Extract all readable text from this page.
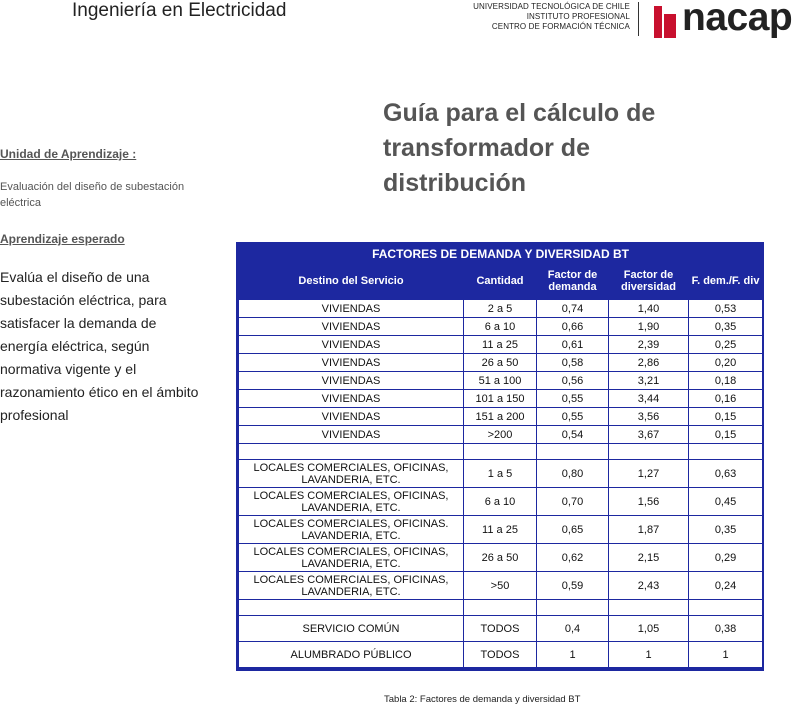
Ingeniería en Electricidad	UNIVERSIDAD TECNOLÓGICA DE CHILE
INSTITUTO PROFESIONAL
CENTRO DE FORMACIÓN TÉCNICA nacap
Guía para el cálculo de transformador de distribución
Unidad de Aprendizaje :
Evaluación del diseño de subestación eléctrica
Aprendizaje esperado
Evalúa el diseño de una subestación eléctrica, para satisfacer la demanda de energía eléctrica, según normativa vigente y el razonamiento ético en el ámbito profesional
FACTORES DE DEMANDA Y DIVERSIDAD BT				
Destino del Servicio	Cantidad	Factor de demanda	Factor de diversidad	F. dem./F. div
VIVIENDAS	2 a 5	0,74	1,40	0,53
VIVIENDAS	6 a 10	0,66	1,90	0,35
VIVIENDAS	11 a 25	0,61	2,39	0,25
VIVIENDAS	26 a 50	0,58	2,86	0,20
VIVIENDAS	51 a 100	0,56	3,21	0,18
VIVIENDAS	101 a 150	0,55	3,44	0,16
VIVIENDAS	151 a 200	0,55	3,56	0,15
VIVIENDAS	>200	0,54	3,67	0,15

LOCALES COMERCIALES, OFICINAS, LAVANDERIA, ETC.	1 a 5	0,80	1,27	0,63
LOCALES COMERCIALES, OFICINAS, LAVANDERIA, ETC.	6 a 10	0,70	1,56	0,45
LOCALES COMERCIALES, OFICINAS. LAVANDERIA, ETC.	11 a 25	0,65	1,87	0,35
LOCALES COMERCIALES, OFICINAS, LAVANDERIA, ETC.	26 a 50	0,62	2,15	0,29
LOCALES COMERCIALES, OFICINAS, LAVANDERIA, ETC.	>50	0,59	2,43	0,24

SERVICIO COMÚN	TODOS	0,4	1,05	0,38
ALUMBRADO PÚBLICO	TODOS	1	1	1
Tabla 2: Factores de demanda y diversidad BT
